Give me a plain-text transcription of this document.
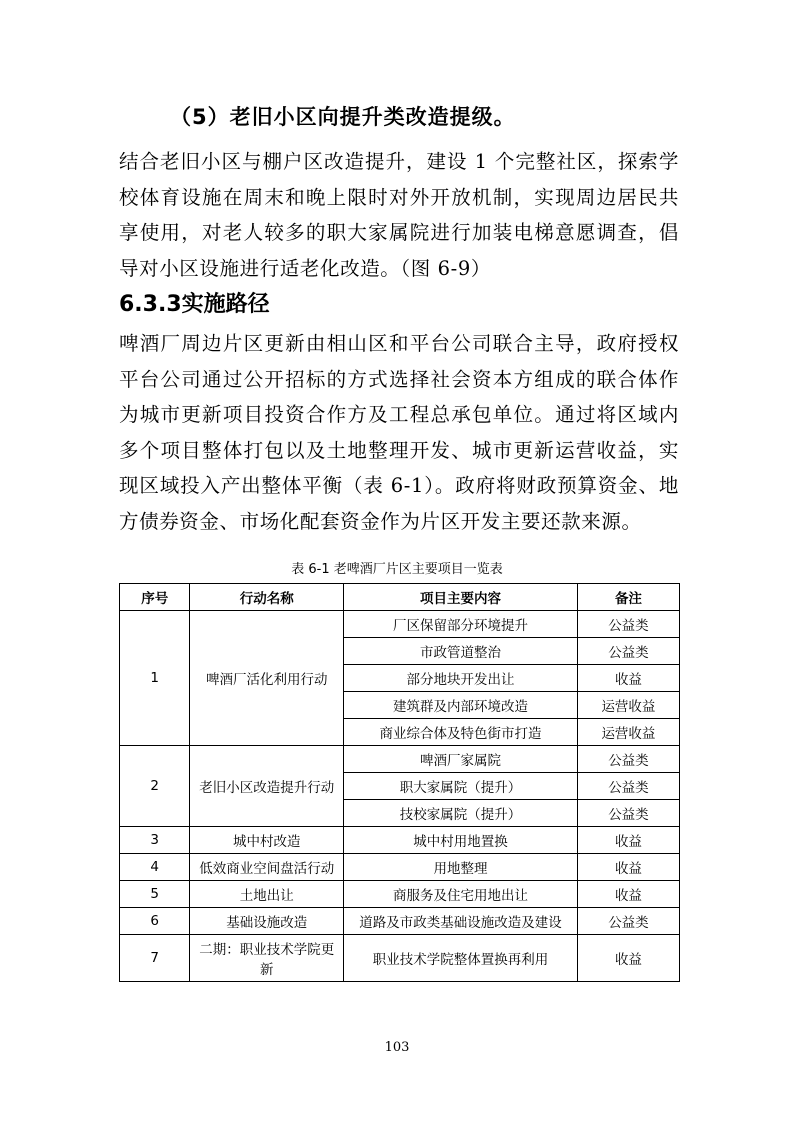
（5）老旧小区向提升类改造提级。

结合老旧小区与棚户区改造提升，建设 1 个完整社区，探索学校体育设施在周末和晚上限时对外开放机制，实现周边居民共享使用，对老人较多的职大家属院进行加装电梯意愿调查，倡导对小区设施进行适老化改造。（图 6-9）

6.3.3实施路径

啤酒厂周边片区更新由相山区和平台公司联合主导，政府授权平台公司通过公开招标的方式选择社会资本方组成的联合体作为城市更新项目投资合作方及工程总承包单位。通过将区域内多个项目整体打包以及土地整理开发、城市更新运营收益，实现区域投入产出整体平衡（表 6-1）。政府将财政预算资金、地方债券资金、市场化配套资金作为片区开发主要还款来源。

表 6-1 老啤酒厂片区主要项目一览表
序号	行动名称	项目主要内容	备注
1	啤酒厂活化利用行动	厂区保留部分环境提升	公益类
		市政管道整治	公益类
		部分地块开发出让	收益
		建筑群及内部环境改造	运营收益
		商业综合体及特色街市打造	运营收益
2	老旧小区改造提升行动	啤酒厂家属院	公益类
		职大家属院（提升）	公益类
		技校家属院（提升）	公益类
3	城中村改造	城中村用地置换	收益
4	低效商业空间盘活行动	用地整理	收益
5	土地出让	商服务及住宅用地出让	收益
6	基础设施改造	道路及市政类基础设施改造及建设	公益类
7	二期：职业技术学院更新	职业技术学院整体置换再利用	收益
103
